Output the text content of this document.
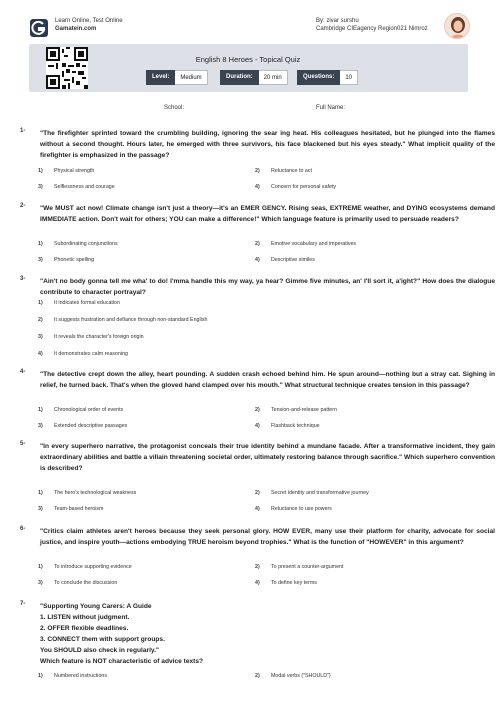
Learn Online, Test Online
Gamatein.com
By: zivar surshu
Cambridge CIEagency Region021 Nimroz
English 8 Heroes - Topical Quiz
Level:	Medium	Duration:	20 min	Questions:	10
School:	Full Name:
1- "The firefighter sprinted toward the crumbling building, ignoring the sear ing heat. His colleagues hesitated, but he plunged into the flames without a second thought. Hours later, he emerged with three survivors, his face blackened but his eyes steady." What implicit quality of the firefighter is emphasized in the passage?
1) Physical strength	2) Reluctance to act
3) Selflessness and courage	4) Concern for personal safety
2- "We MUST act now! Climate change isn't just a theory—it's an EMER GENCY. Rising seas, EXTREME weather, and DYING ecosystems demand IMMEDIATE action. Don't wait for others; YOU can make a difference!" Which language feature is primarily used to persuade readers?
1) Subordinating conjunctions	2) Emotive vocabulary and imperatives
3) Phonetic spelling	4) Descriptive similes
3- "Ain't no body gonna tell me wha' to do! I'mma handle this my way, ya hear? Gimme five minutes, an' I'll sort it, a'ight?" How does the dialogue contribute to character portrayal?
1) It indicates formal education
2) It suggests frustration and defiance through non-standard English
3) It reveals the character's foreign origin
4) It demonstrates calm reasoning
4- "The detective crept down the alley, heart pounding. A sudden crash echoed behind him. He spun around—nothing but a stray cat. Sighing in relief, he turned back. That's when the gloved hand clamped over his mouth." What structural technique creates tension in this passage?
1) Chronological order of events	2) Tension-and-release pattern
3) Extended descriptive passages	4) Flashback technique
5- "In every superhero narrative, the protagonist conceals their true identity behind a mundane facade. After a transformative incident, they gain extraordinary abilities and battle a villain threatening societal order, ultimately restoring balance through sacrifice." Which superhero convention is described?
1) The hero's technological weakness	2) Secret identity and transformative journey
3) Team-based heroism	4) Reluctance to use powers
6- "Critics claim athletes aren't heroes because they seek personal glory. HOW EVER, many use their platform for charity, advocate for social justice, and inspire youth—actions embodying TRUE heroism beyond trophies." What is the function of "HOWEVER" in this argument?
1) To introduce supporting evidence	2) To present a counter-argument
3) To conclude the discussion	4) To define key terms
7- "Supporting Young Carers: A Guide
1. LISTEN without judgment.
2. OFFER flexible deadlines.
3. CONNECT them with support groups.
You SHOULD also check in regularly."
Which feature is NOT characteristic of advice texts?
1) Numbered instructions	2) Modal verbs ("SHOULD")
